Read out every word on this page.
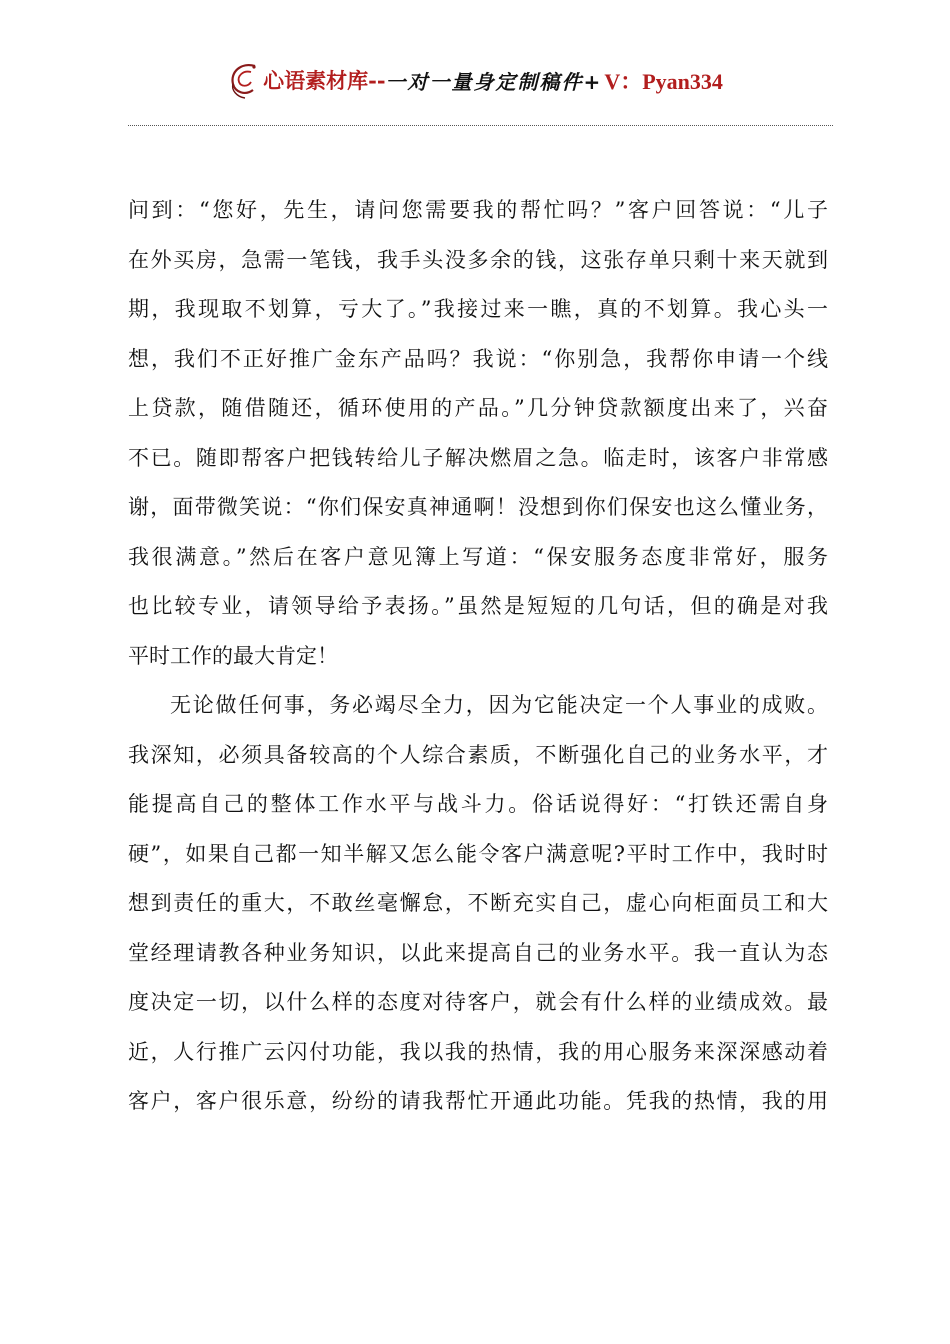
心语素材库 -- 一对一量身定制稿件+ V：Pyan334

问到：“您好，先生，请问您需要我的帮忙吗？”客户回答说：“儿子
在外买房，急需一笔钱，我手头没多余的钱，这张存单只剩十来天就到
期，我现取不划算，亏大了。”我接过来一瞧，真的不划算。我心头一
想，我们不正好推广金东产品吗？我说：“你别急，我帮你申请一个线
上贷款，随借随还，循环使用的产品。”几分钟贷款额度出来了，兴奋
不已。随即帮客户把钱转给儿子解决燃眉之急。临走时，该客户非常感
谢，面带微笑说：“你们保安真神通啊！没想到你们保安也这么懂业务，
我很满意。”然后在客户意见簿上写道：“保安服务态度非常好，服务
也比较专业，请领导给予表扬。”虽然是短短的几句话，但的确是对我
平时工作的最大肯定！

无论做任何事，务必竭尽全力，因为它能决定一个人事业的成败。
我深知，必须具备较高的个人综合素质，不断强化自己的业务水平，才
能提高自己的整体工作水平与战斗力。俗话说得好：“打铁还需自身
硬”，如果自己都一知半解又怎么能令客户满意呢?平时工作中，我时时
想到责任的重大，不敢丝毫懈怠，不断充实自己，虚心向柜面员工和大
堂经理请教各种业务知识，以此来提高自己的业务水平。我一直认为态
度决定一切，以什么样的态度对待客户，就会有什么样的业绩成效。最
近，人行推广云闪付功能，我以我的热情，我的用心服务来深深感动着
客户，客户很乐意，纷纷的请我帮忙开通此功能。凭我的热情，我的用
